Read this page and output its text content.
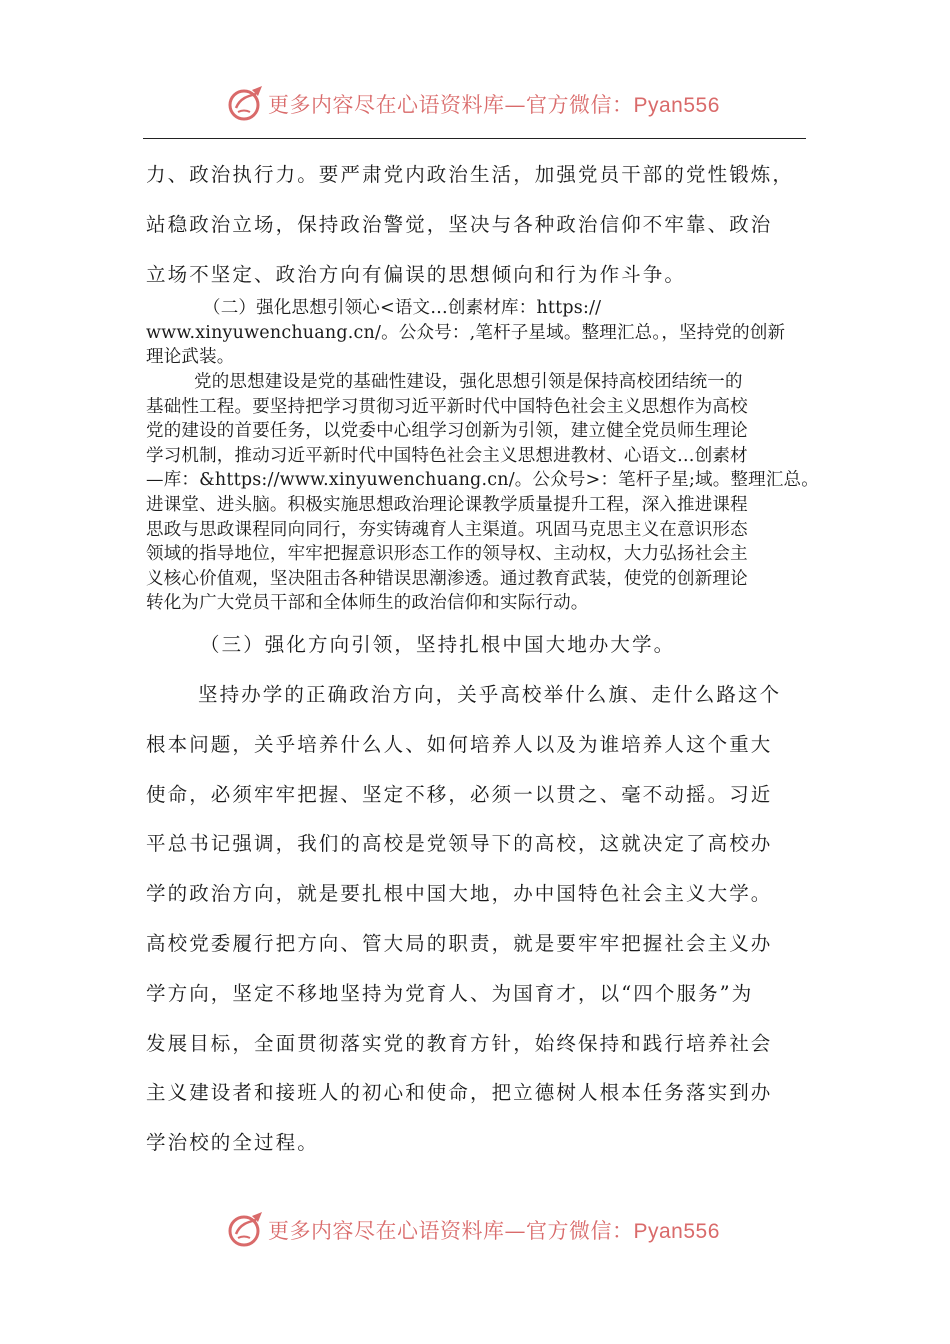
更多内容尽在心语资料库—官方微信：Pyan556
力、政治执行力。要严肃党内政治生活，加强党员干部的党性锻炼，
站稳政治立场，保持政治警觉，坚决与各种政治信仰不牢靠、政治
立场不坚定、政治方向有偏误的思想倾向和行为作斗争。
（二）强化思想引领心<语文…创素材库：https://
www.xinyuwenchuang.cn/。公众号：,笔杆子星域。整理汇总。，坚持党的创新
理论武装。
党的思想建设是党的基础性建设，强化思想引领是保持高校团结统一的
基础性工程。要坚持把学习贯彻习近平新时代中国特色社会主义思想作为高校
党的建设的首要任务，以党委中心组学习创新为引领，建立健全党员师生理论
学习机制，推动习近平新时代中国特色社会主义思想进教材、心语文…创素材
—库：&https://www.xinyuwenchuang.cn/。公众号>：笔杆子星;域。整理汇总。
进课堂、进头脑。积极实施思想政治理论课教学质量提升工程，深入推进课程
思政与思政课程同向同行，夯实铸魂育人主渠道。巩固马克思主义在意识形态
领域的指导地位，牢牢把握意识形态工作的领导权、主动权，大力弘扬社会主
义核心价值观，坚决阻击各种错误思潮渗透。通过教育武装，使党的创新理论
转化为广大党员干部和全体师生的政治信仰和实际行动。
（三）强化方向引领，坚持扎根中国大地办大学。
坚持办学的正确政治方向，关乎高校举什么旗、走什么路这个
根本问题，关乎培养什么人、如何培养人以及为谁培养人这个重大
使命，必须牢牢把握、坚定不移，必须一以贯之、毫不动摇。习近
平总书记强调，我们的高校是党领导下的高校，这就决定了高校办
学的政治方向，就是要扎根中国大地，办中国特色社会主义大学。
高校党委履行把方向、管大局的职责，就是要牢牢把握社会主义办
学方向，坚定不移地坚持为党育人、为国育才，以“四个服务”为
发展目标，全面贯彻落实党的教育方针，始终保持和践行培养社会
主义建设者和接班人的初心和使命，把立德树人根本任务落实到办
学治校的全过程。
更多内容尽在心语资料库—官方微信：Pyan556
